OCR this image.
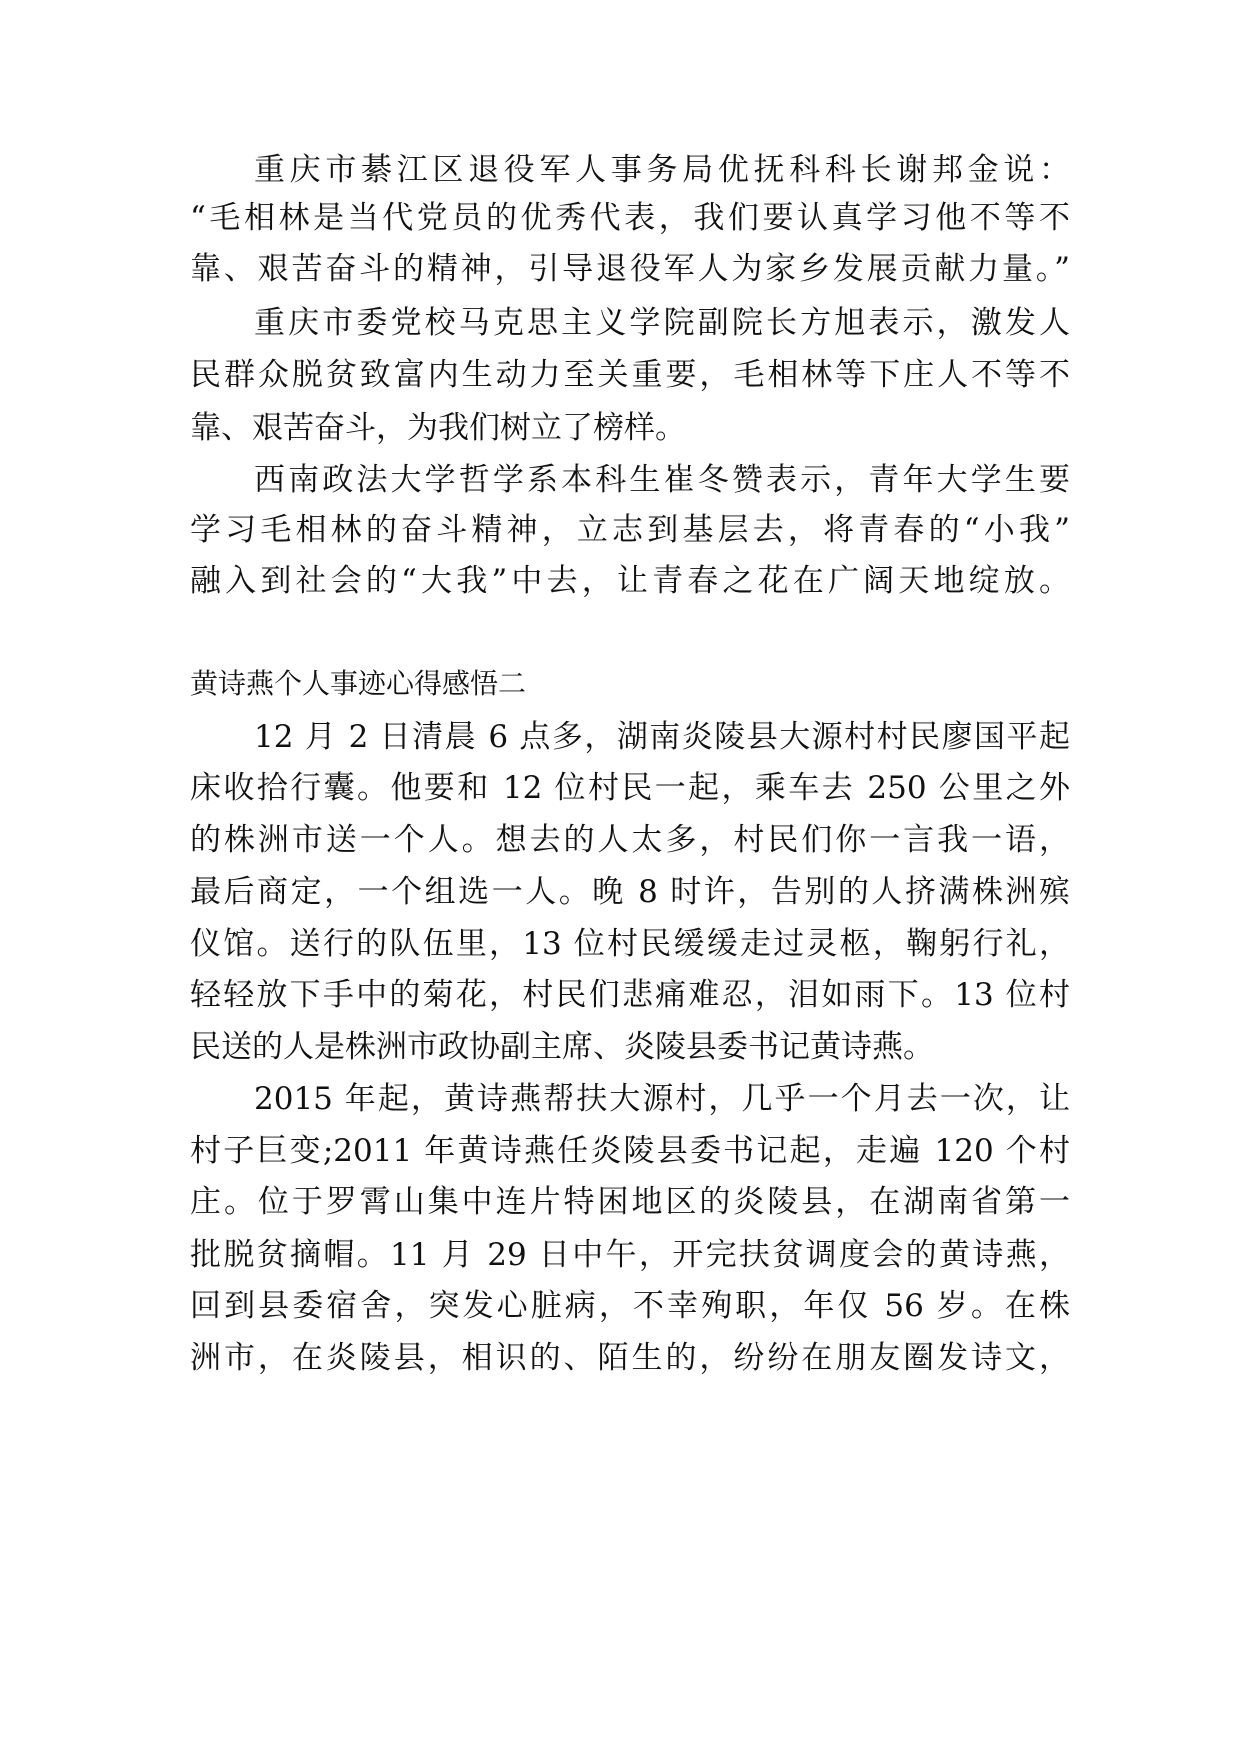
重庆市綦江区退役军人事务局优抚科科长谢邦金说：
“毛相林是当代党员的优秀代表，我们要认真学习他不等不
靠、艰苦奋斗的精神，引导退役军人为家乡发展贡献力量。”
重庆市委党校马克思主义学院副院长方旭表示，激发人
民群众脱贫致富内生动力至关重要，毛相林等下庄人不等不
靠、艰苦奋斗，为我们树立了榜样。
西南政法大学哲学系本科生崔冬赞表示，青年大学生要
学习毛相林的奋斗精神，立志到基层去，将青春的“小我”
融入到社会的“大我”中去，让青春之花在广阔天地绽放。
黄诗燕个人事迹心得感悟二
12 月 2 日清晨 6 点多，湖南炎陵县大源村村民廖国平起
床收拾行囊。他要和 12 位村民一起，乘车去 250 公里之外
的株洲市送一个人。想去的人太多，村民们你一言我一语，
最后商定，一个组选一人。晚 8 时许，告别的人挤满株洲殡
仪馆。送行的队伍里，13 位村民缓缓走过灵柩，鞠躬行礼，
轻轻放下手中的菊花，村民们悲痛难忍，泪如雨下。13 位村
民送的人是株洲市政协副主席、炎陵县委书记黄诗燕。
2015 年起，黄诗燕帮扶大源村，几乎一个月去一次，让
村子巨变;2011 年黄诗燕任炎陵县委书记起，走遍 120 个村
庄。位于罗霄山集中连片特困地区的炎陵县，在湖南省第一
批脱贫摘帽。11 月 29 日中午，开完扶贫调度会的黄诗燕，
回到县委宿舍，突发心脏病，不幸殉职，年仅 56 岁。在株
洲市，在炎陵县，相识的、陌生的，纷纷在朋友圈发诗文，
